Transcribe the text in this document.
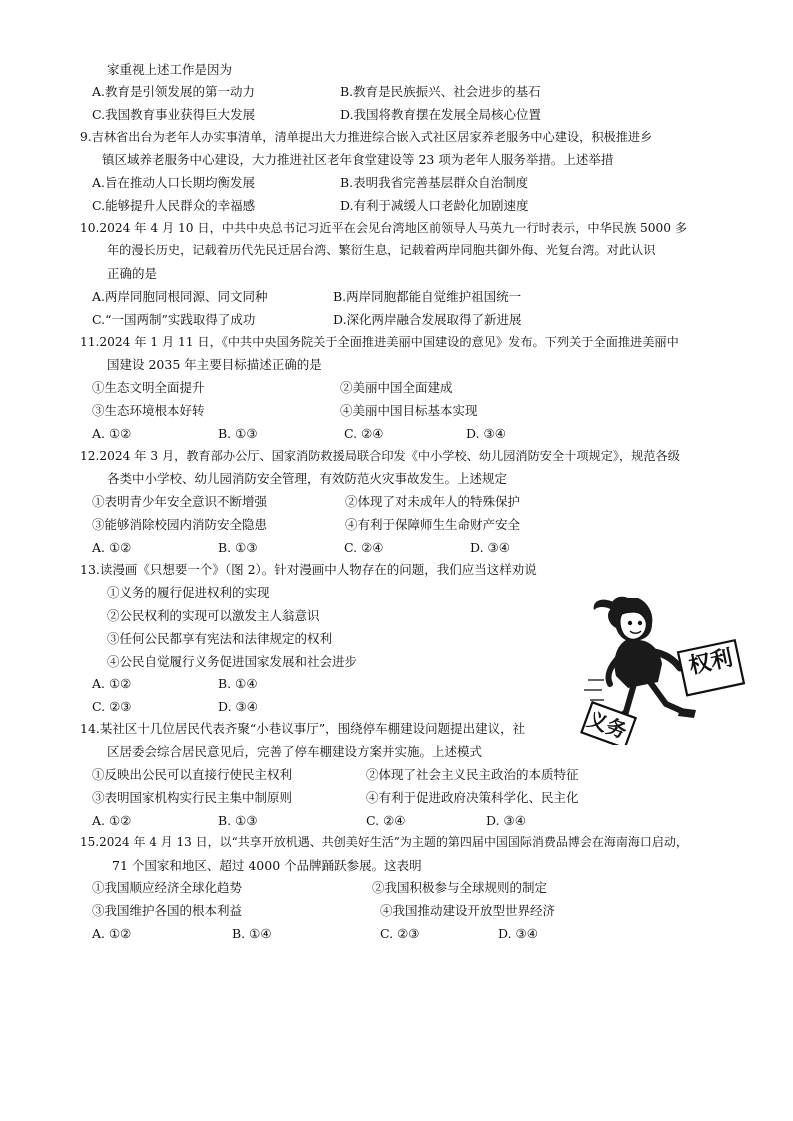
家重视上述工作是因为
A.教育是引领发展的第一动力	B.教育是民族振兴、社会进步的基石
C.我国教育事业获得巨大发展	D.我国将教育摆在发展全局核心位置
9.吉林省出台为老年人办实事清单，清单提出大力推进综合嵌入式社区居家养老服务中心建设，积极推进乡
镇区域养老服务中心建设，大力推进社区老年食堂建设等 23 项为老年人服务举措。上述举措
A.旨在推动人口长期均衡发展	B.表明我省完善基层群众自治制度
C.能够提升人民群众的幸福感	D.有利于减缓人口老龄化加剧速度
10.2024 年 4 月 10 日，中共中央总书记习近平在会见台湾地区前领导人马英九一行时表示，中华民族 5000 多
年的漫长历史，记载着历代先民迁居台湾、繁衍生息，记载着两岸同胞共御外侮、光复台湾。对此认识
正确的是
A.两岸同胞同根同源、同文同种	B.两岸同胞都能自觉维护祖国统一
C.“一国两制”实践取得了成功	D.深化两岸融合发展取得了新进展
11.2024 年 1 月 11 日，《中共中央国务院关于全面推进美丽中国建设的意见》发布。下列关于全面推进美丽中
国建设 2035 年主要目标描述正确的是
①生态文明全面提升	②美丽中国全面建成
③生态环境根本好转	④美丽中国目标基本实现
A. ①②	B. ①③	C. ②④	D. ③④
12.2024 年 3 月，教育部办公厅、国家消防救援局联合印发《中小学校、幼儿园消防安全十项规定》，规范各级
各类中小学校、幼儿园消防安全管理，有效防范火灾事故发生。上述规定
①表明青少年安全意识不断增强	②体现了对未成年人的特殊保护
③能够消除校园内消防安全隐患	④有利于保障师生生命财产安全
A. ①②	B. ①③	C. ②④	D. ③④
13.读漫画《只想要一个》（图 2）。针对漫画中人物存在的问题，我们应当这样劝说
①义务的履行促进权利的实现
②公民权利的实现可以激发主人翁意识
③任何公民都享有宪法和法律规定的权利
④公民自觉履行义务促进国家发展和社会进步
A. ①②	B. ①④
C. ②③	D. ③④
权利
义务
14.某社区十几位居民代表齐聚“小巷议事厅”，围绕停车棚建设问题提出建议，社
区居委会综合居民意见后，完善了停车棚建设方案并实施。上述模式
①反映出公民可以直接行使民主权利	②体现了社会主义民主政治的本质特征
③表明国家机构实行民主集中制原则	④有利于促进政府决策科学化、民主化
A. ①②	B. ①③	C. ②④	D. ③④
15.2024 年 4 月 13 日，以“共享开放机遇、共创美好生活”为主题的第四届中国国际消费品博会在海南海口启动，
71 个国家和地区、超过 4000 个品牌踊跃参展。这表明
①我国顺应经济全球化趋势	②我国积极参与全球规则的制定
③我国维护各国的根本利益	④我国推动建设开放型世界经济
A. ①②	B. ①④	C. ②③	D. ③④
